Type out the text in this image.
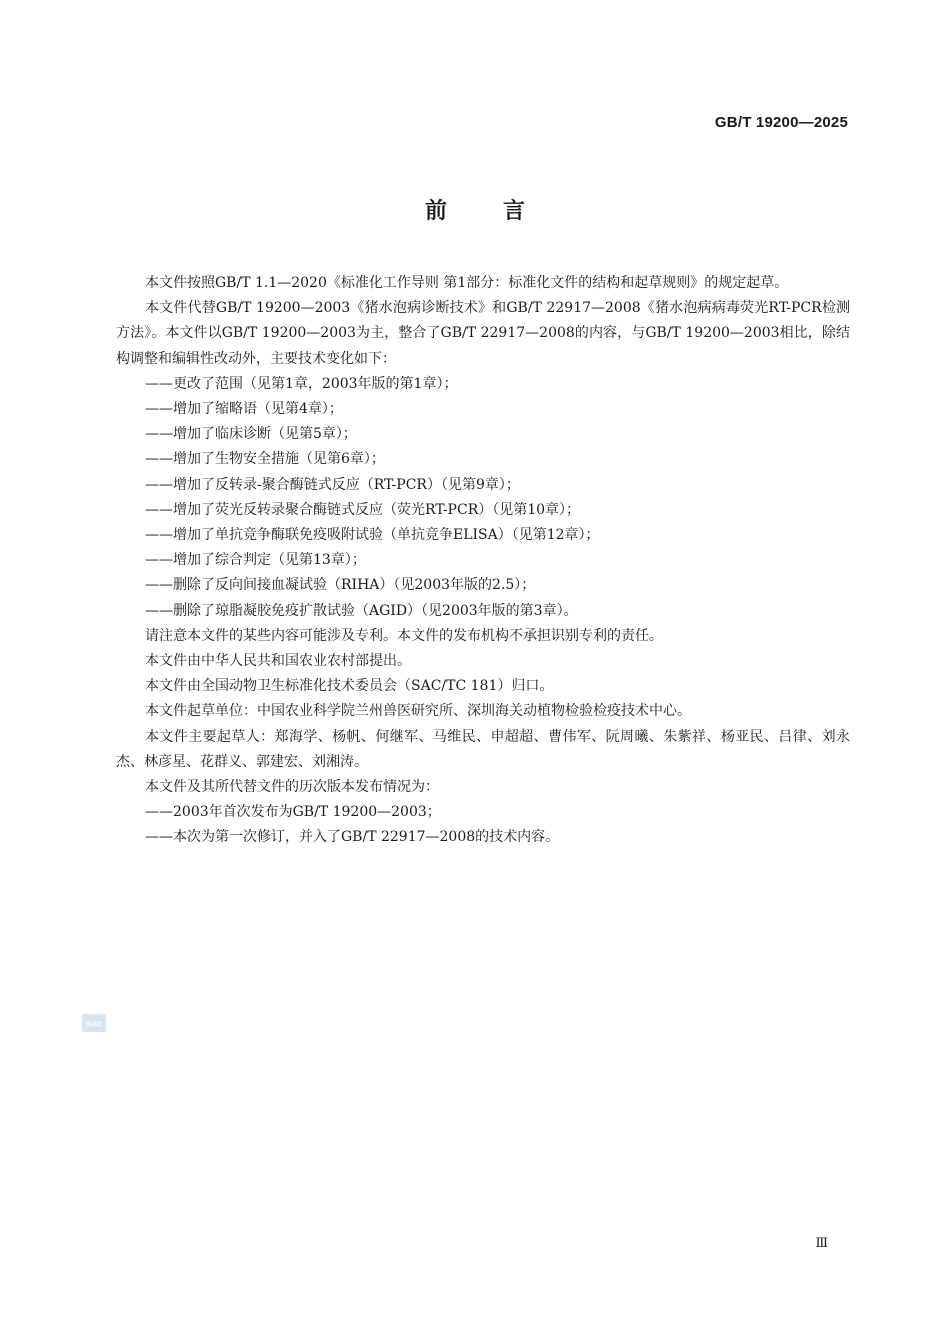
GB/T 19200—2025
前言

本文件按照GB/T 1.1—2020《标准化工作导则 第1部分：标准化文件的结构和起草规则》的规定起草。

本文件代替GB/T 19200—2003《猪水泡病诊断技术》和GB/T 22917—2008《猪水泡病病毒荧光RT-PCR检测方法》。本文件以GB/T 19200—2003为主，整合了GB/T 22917—2008的内容，与GB/T 19200—2003相比，除结构调整和编辑性改动外，主要技术变化如下：

——更改了范围（见第1章，2003年版的第1章）；

——增加了缩略语（见第4章）；

——增加了临床诊断（见第5章）；

——增加了生物安全措施（见第6章）；

——增加了反转录-聚合酶链式反应（RT-PCR）（见第9章）；

——增加了荧光反转录聚合酶链式反应（荧光RT-PCR）（见第10章）；

——增加了单抗竞争酶联免疫吸附试验（单抗竞争ELISA）（见第12章）；

——增加了综合判定（见第13章）；

——删除了反向间接血凝试验（RIHA）（见2003年版的2.5）；

——删除了琼脂凝胶免疫扩散试验（AGID）（见2003年版的第3章）。

请注意本文件的某些内容可能涉及专利。本文件的发布机构不承担识别专利的责任。

本文件由中华人民共和国农业农村部提出。

本文件由全国动物卫生标准化技术委员会（SAC/TC 181）归口。

本文件起草单位：中国农业科学院兰州兽医研究所、深圳海关动植物检验检疫技术中心。

本文件主要起草人：郑海学、杨帆、何继军、马维民、申超超、曹伟军、阮周曦、朱紫祥、杨亚民、吕律、刘永杰、林彦星、花群义、郭建宏、刘湘涛。

本文件及其所代替文件的历次版本发布情况为：

——2003年首次发布为GB/T 19200—2003；

——本次为第一次修订，并入了GB/T 22917—2008的技术内容。

SAC
Ⅲ
